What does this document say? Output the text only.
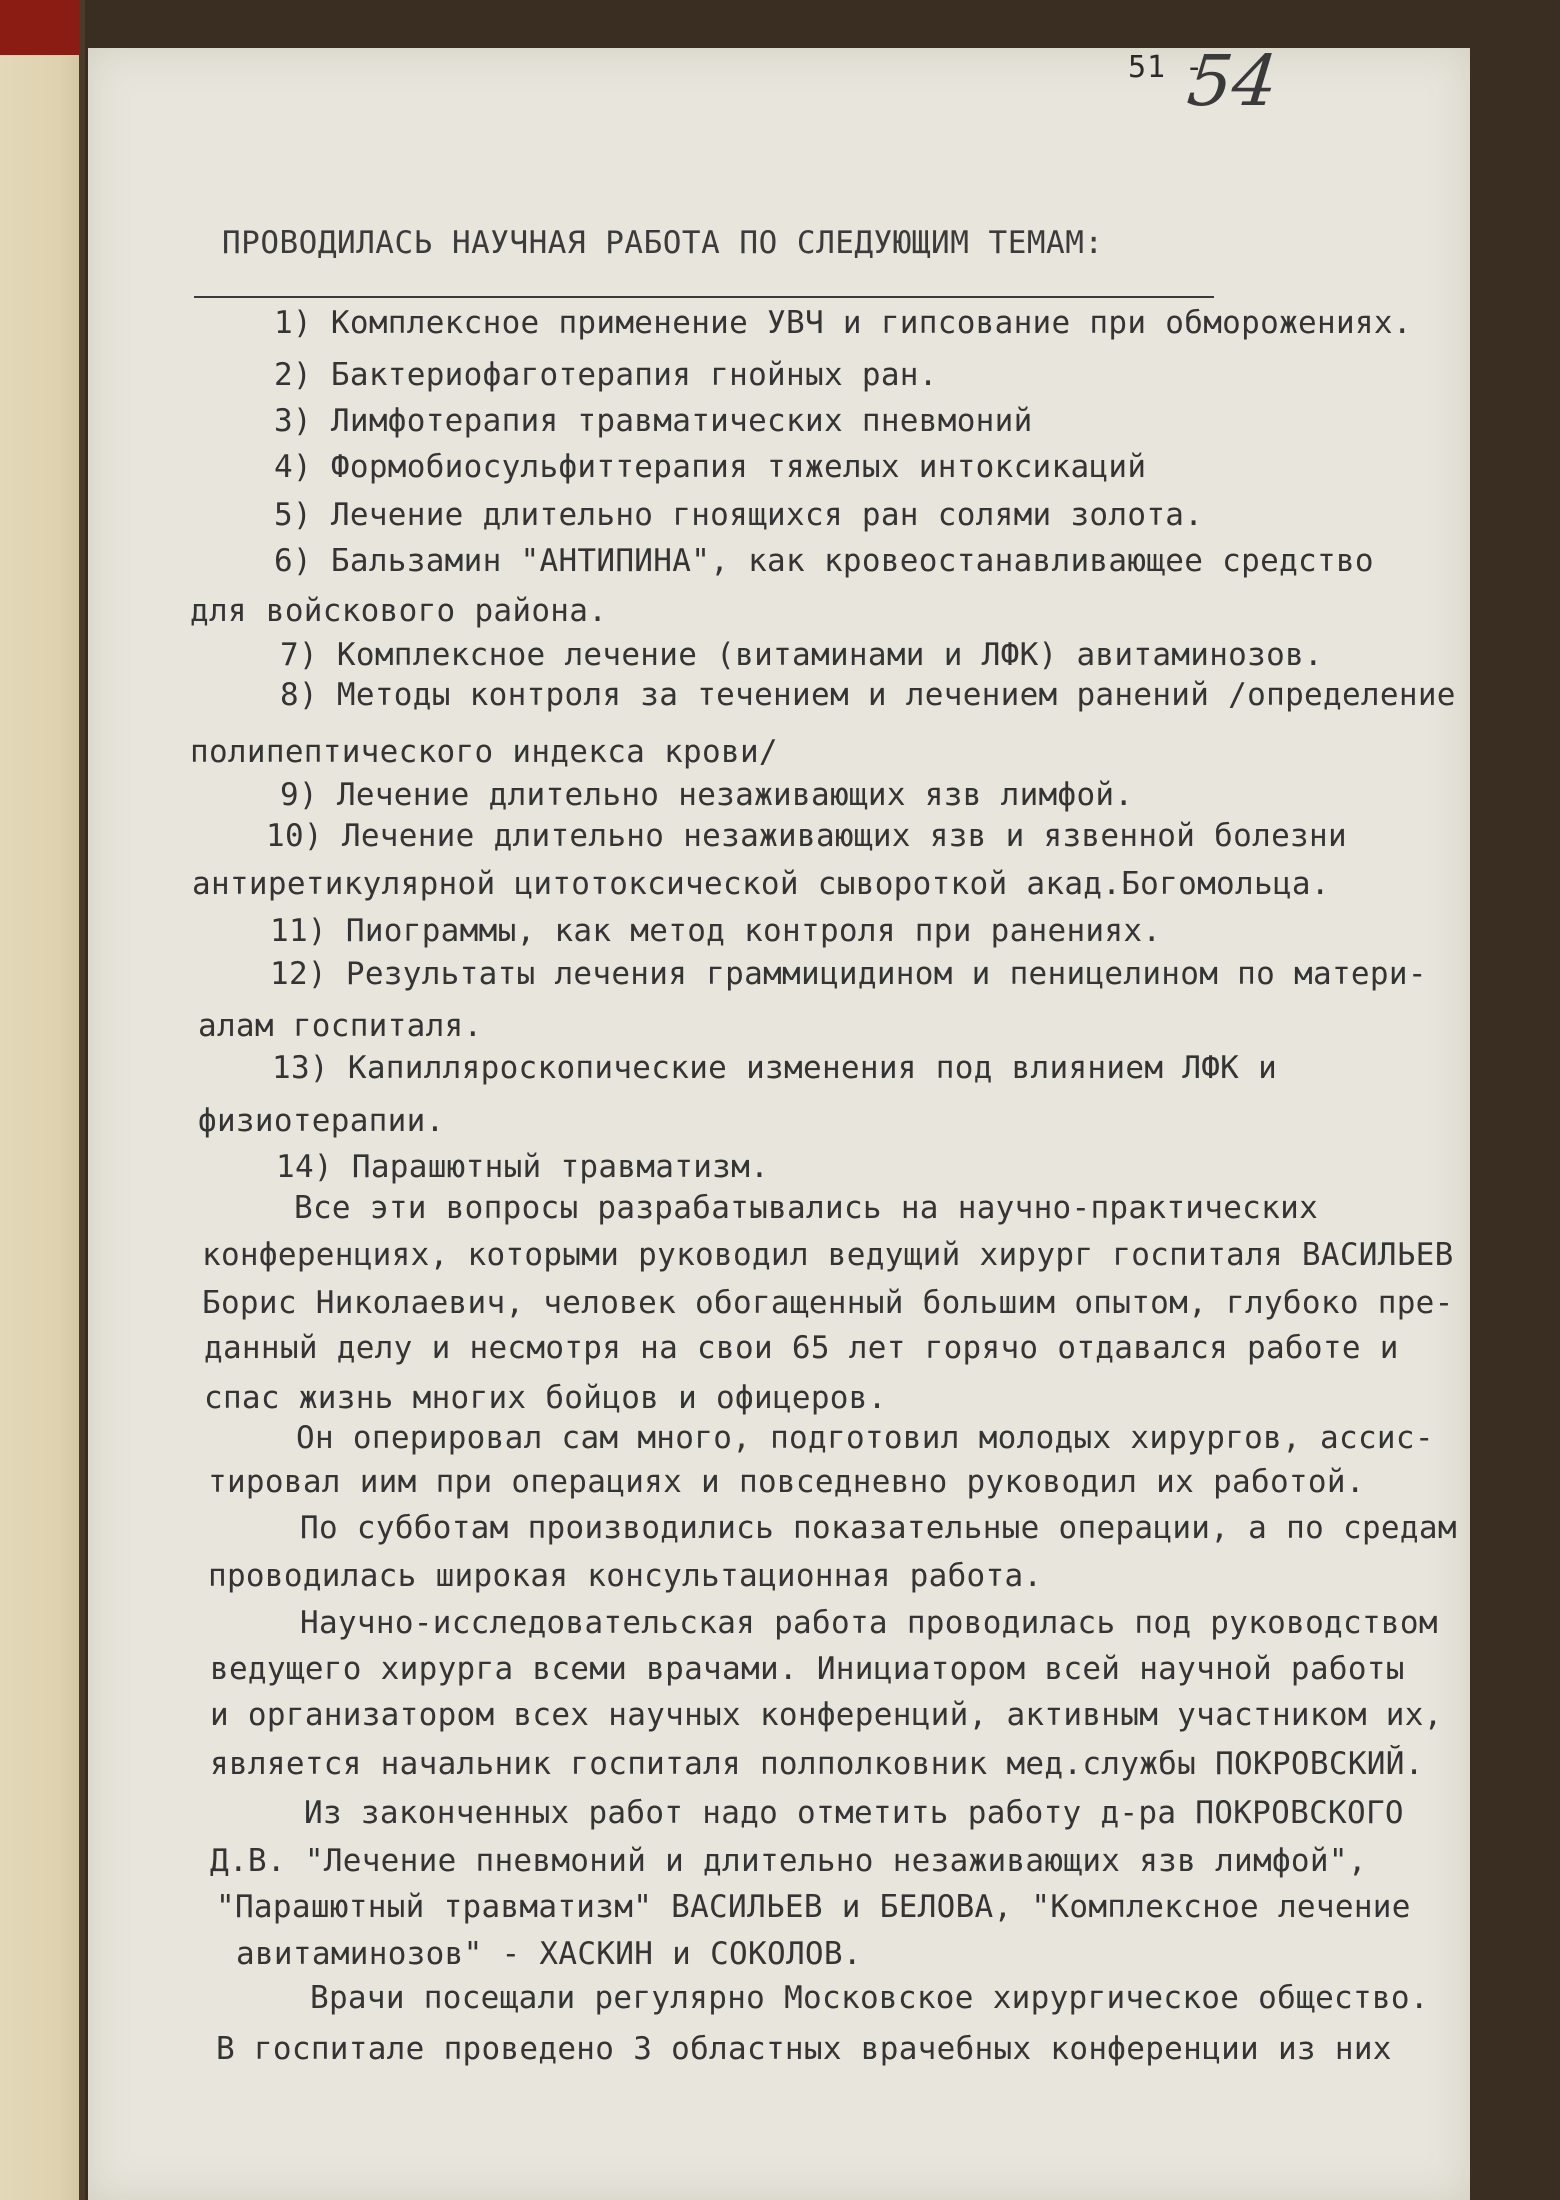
51 -
54
ПРОВОДИЛАСЬ НАУЧНАЯ РАБОТА ПО СЛЕДУЮЩИМ ТЕМАМ:
1) Комплексное применение УВЧ и гипсование при обморожениях.
2) Бактериофаготерапия гнойных ран.
3) Лимфотерапия травматических пневмоний
4) Формобиосульфиттерапия тяжелых интоксикаций
5) Лечение длительно гноящихся ран солями золота.
6) Бальзамин "АНТИПИНА", как кровеостанавливающее средство
для войскового района.
7) Комплексное лечение (витаминами и ЛФК) авитаминозов.
8) Методы контроля за течением и лечением ранений /определение
полипептического индекса крови/
9) Лечение длительно незаживающих язв лимфой.
10) Лечение длительно незаживающих язв и язвенной болезни
антиретикулярной цитотоксической сывороткой акад.Богомольца.
11) Пиограммы, как метод контроля при ранениях.
12) Результаты лечения граммицидином и пеницелином по матери-
алам госпиталя.
13) Капилляроскопические изменения под влиянием ЛФК и
физиотерапии.
14) Парашютный травматизм.
Все эти вопросы разрабатывались на научно-практических
конференциях, которыми руководил ведущий хирург госпиталя ВАСИЛЬЕВ
Борис Николаевич, человек обогащенный большим опытом, глубоко пре-
данный делу и несмотря на свои 65 лет горячо отдавался работе и
спас жизнь многих бойцов и офицеров.
Он оперировал сам много, подготовил молодых хирургов, ассис-
тировал иим при операциях и повседневно руководил их работой.
По субботам производились показательные операции, а по средам
проводилась широкая консультационная работа.
Научно-исследовательская работа проводилась под руководством
ведущего хирурга всеми врачами. Инициатором всей научной работы
и организатором всех научных конференций, активным участником их,
является начальник госпиталя полполковник мед.службы ПОКРОВСКИЙ.
Из законченных работ надо отметить работу д-ра ПОКРОВСКОГО
Д.В. "Лечение пневмоний и длительно незаживающих язв лимфой",
"Парашютный травматизм" ВАСИЛЬЕВ и БЕЛОВА, "Комплексное лечение
авитаминозов" - ХАСКИН и СОКОЛОВ.
Врачи посещали регулярно Московское хирургическое общество.
В госпитале проведено 3 областных врачебных конференции из них
